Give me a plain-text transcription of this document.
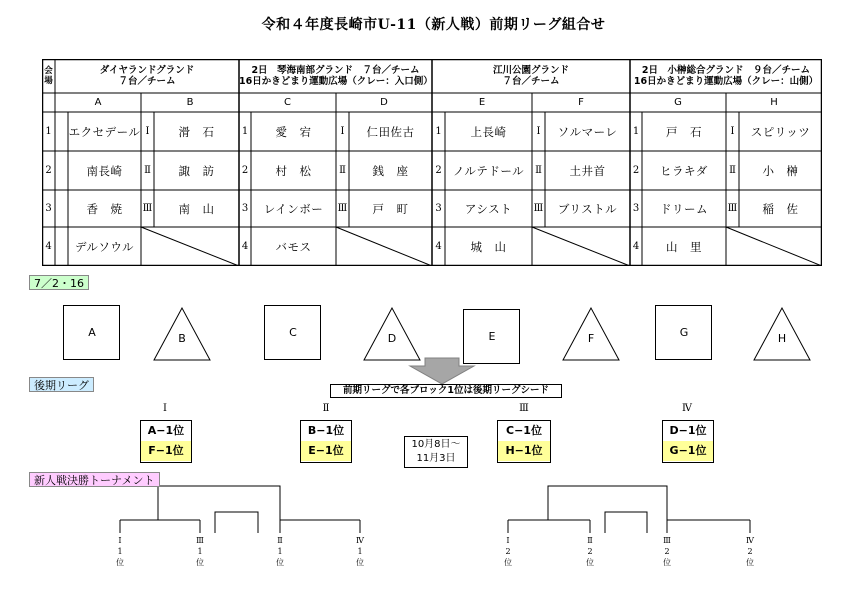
令和４年度長崎市U-11（新人戦）前期リーグ組合せ
会場
ダイヤランドグランド
７台／チーム
2日　琴海南部グランド　７台／チーム
16日かきどまり運動広場（クレー：入口側）
江川公園グランド
７台／チーム
2日　小榊総合グランド　９台／チーム
16日かきどまり運動広場（クレー：山側）
A	B	C	D	E	F	G	H
1 エクセデール Ⅰ	滑　石	1	愛　宕	Ⅰ	仁田佐古	1	上長崎	Ⅰ	ソルマーレ	1	戸　石	Ⅰ	スピリッツ
2	南長崎	Ⅱ	諏　訪	2	村　松	Ⅱ	銭　座	2 ノルテドール	Ⅱ	土井首	2	ヒラキダ	Ⅱ	小　榊
3	香　焼	Ⅲ	南　山	3	レインボー	Ⅲ	戸　町	3	アシスト	Ⅲ	ブリストル	3	ドリーム	Ⅲ	稲　佐
4	デルソウル	4	バモス	4	城　山	4	山　里
7／2・16
A	B	C	D	E	F	G	H
後期リーグ	前期リーグで各ブロック1位は後期リーグシード
Ⅰ	Ⅱ	Ⅲ	Ⅳ
A−1位
F−1位
B−1位
E−1位
C−1位
H−1位
D−1位
G−1位
10月8日〜
11月3日
新人戦決勝トーナメント
Ⅰ
1
位
Ⅲ
1
位
Ⅱ
1
位
Ⅳ
1
位
Ⅰ
2
位
Ⅱ
2
位
Ⅲ
2
位
Ⅳ
2
位
